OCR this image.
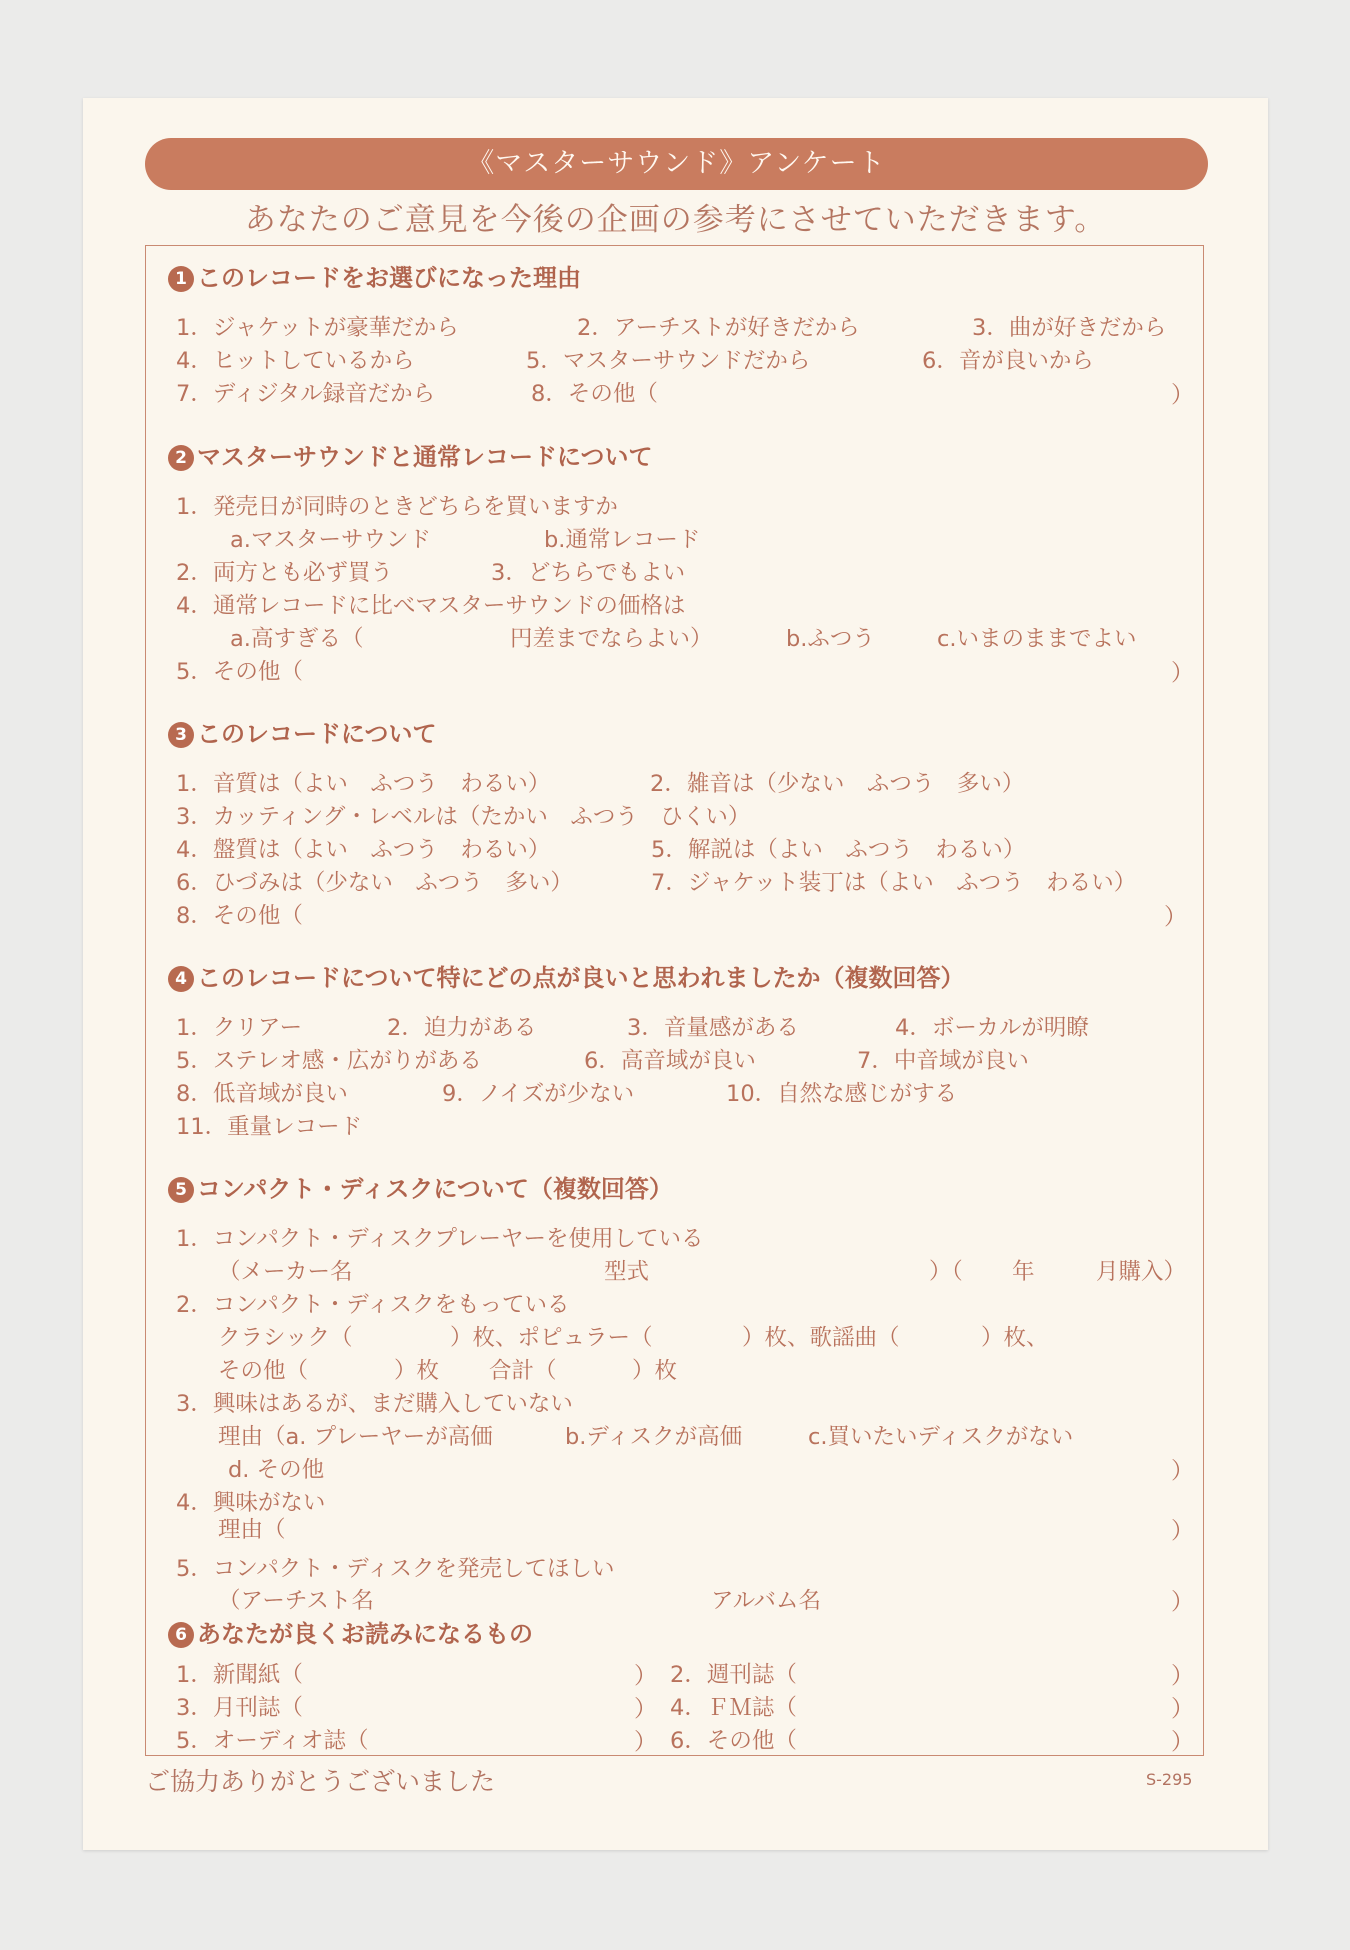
《マスターサウンド》アンケート
あなたのご意見を今後の企画の参考にさせていただきます。
1 このレコードをお選びになった理由
1．ジャケットが豪華だから	2．アーチストが好きだから	3．曲が好きだから
4．ヒットしているから	5．マスターサウンドだから	6．音が良いから
7．ディジタル録音だから	8．その他（	）
2 マスターサウンドと通常レコードについて
1．発売日が同時のときどちらを買いますか
a.マスターサウンド	b.通常レコード
2．両方とも必ず買う	3．どちらでもよい
4．通常レコードに比べマスターサウンドの価格は
a.高すぎる（	円差までならよい）	b.ふつう	c.いまのままでよい
5．その他（	）
3 このレコードについて
1．音質は（よい　ふつう　わるい）	2．雑音は（少ない　ふつう　多い）
3．カッティング・レベルは（たかい　ふつう　ひくい）
4．盤質は（よい　ふつう　わるい）	5．解説は（よい　ふつう　わるい）
6．ひづみは（少ない　ふつう　多い）	7．ジャケット装丁は（よい　ふつう　わるい）
8．その他（	）
4 このレコードについて特にどの点が良いと思われましたか（複数回答）
1．クリアー	2．迫力がある	3．音量感がある	4．ボーカルが明瞭
5．ステレオ感・広がりがある	6．高音域が良い	7．中音域が良い
8．低音域が良い	9．ノイズが少ない	10．自然な感じがする
11．重量レコード
5 コンパクト・ディスクについて（複数回答）
1．コンパクト・ディスクプレーヤーを使用している
（メーカー名	型式	）（ 年	月購入）
2．コンパクト・ディスクをもっている
クラシック（	）枚、ポピュラー（	）枚、歌謡曲（	）枚、
その他（	）枚 合計（	）枚
3．興味はあるが、まだ購入していない
理由（a. プレーヤーが高価	b.ディスクが高価	c.買いたいディスクがない
d. その他	）
4．興味がない
理由（	）
5．コンパクト・ディスクを発売してほしい
（アーチスト名	アルバム名	）
6 あなたが良くお読みになるもの
1．新聞紙（	） 2．週刊誌（	）
3．月刊誌（	） 4．ＦＭ誌（	）
5．オーディオ誌（	） 6．その他（	）
ご協力ありがとうございました	S-295
